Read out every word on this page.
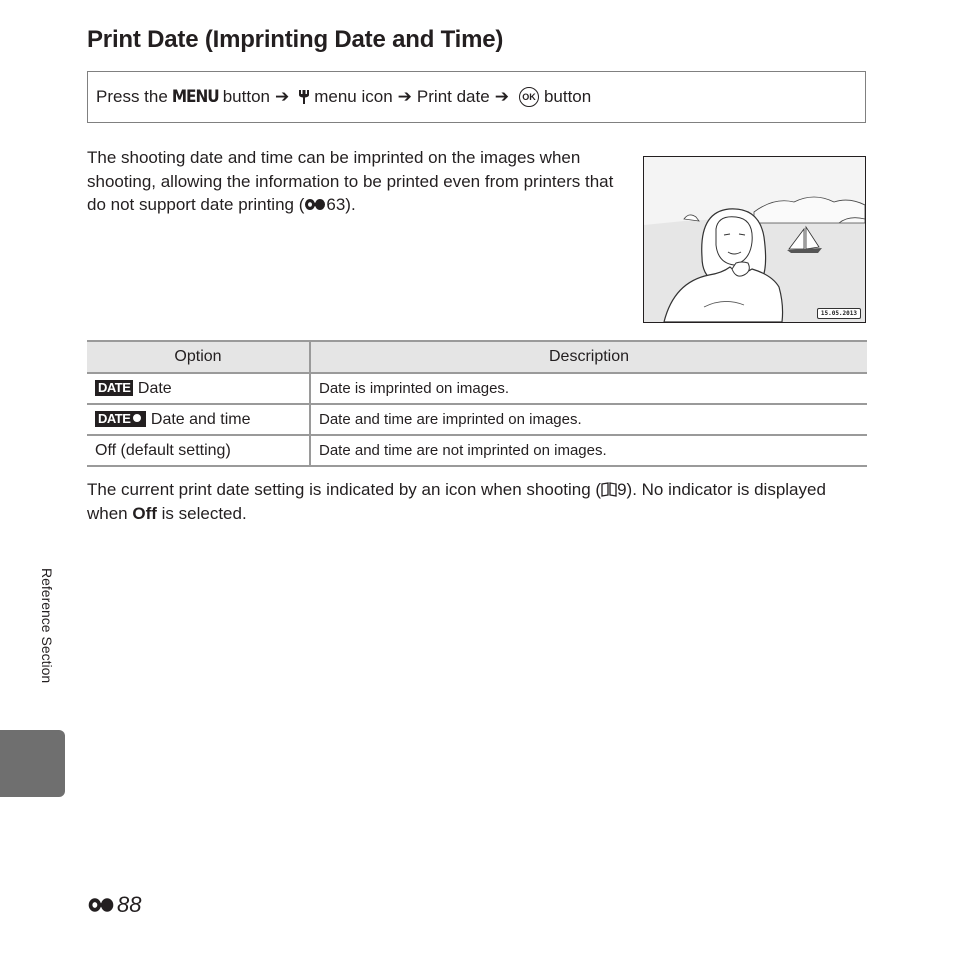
Print Date (Imprinting Date and Time)
Press the MENU button ➔ menu icon ➔ Print date ➔	OK button

The shooting date and time can be imprinted on the images when shooting, allowing the information to be printed even from printers that do not support date printing ( 63).

15.05.2013
Option	Description
DATE Date	Date is imprinted on images.
DATE Date and time	Date and time are imprinted on images.
Off (default setting)	Date and time are not imprinted on images.

The current print date setting is indicated by an icon when shooting ( 9). No indicator is displayed when Off is selected.

Reference Section
88
